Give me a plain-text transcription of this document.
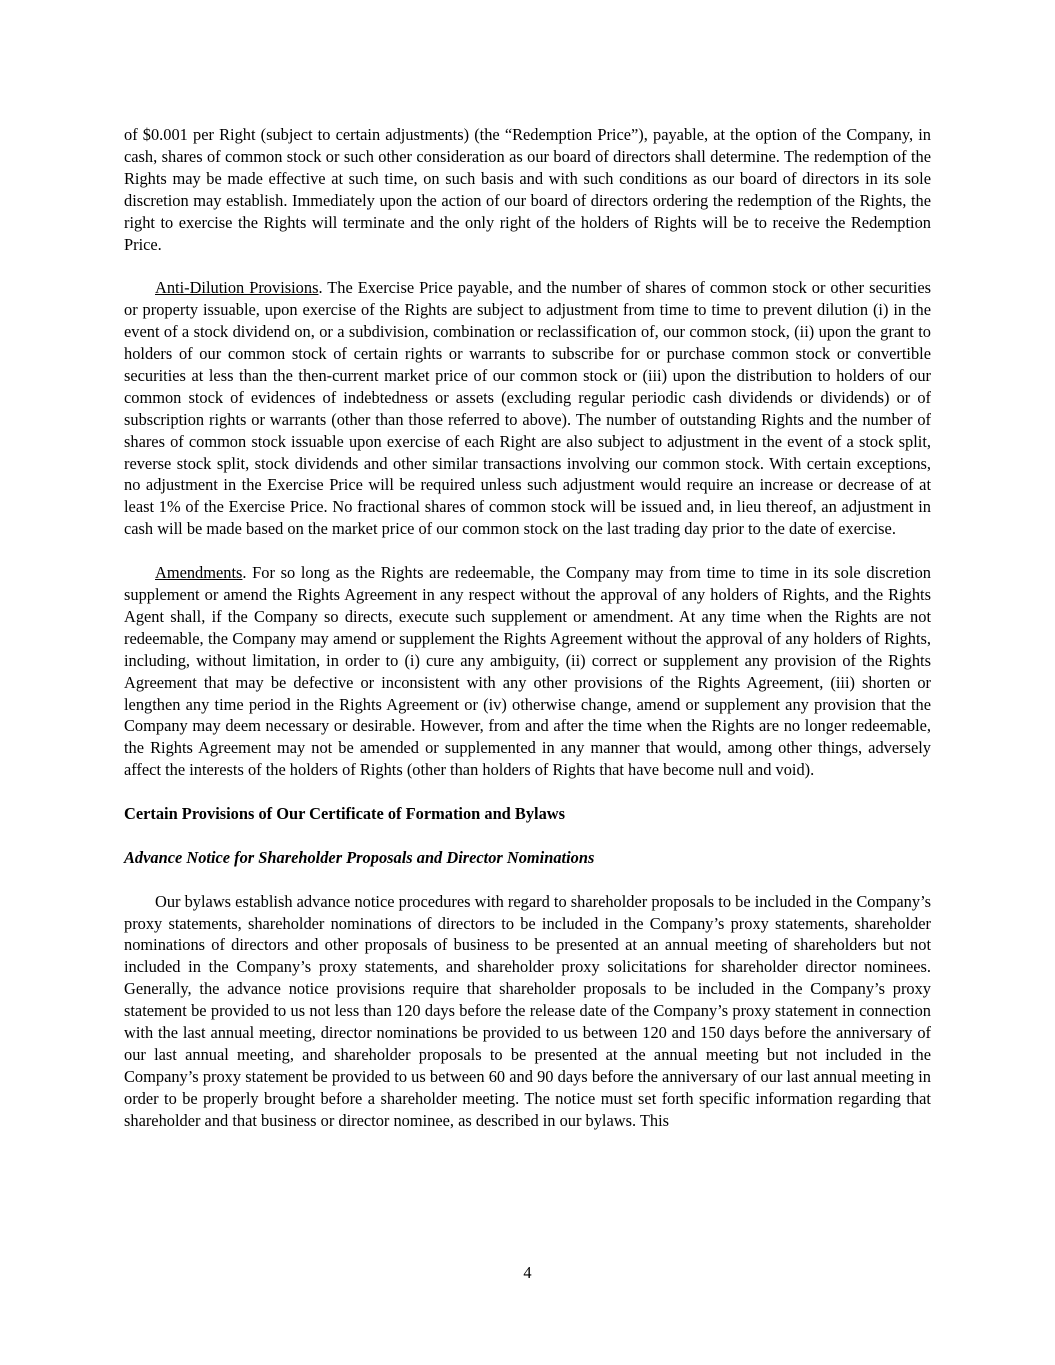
of $0.001 per Right (subject to certain adjustments) (the “Redemption Price”), payable, at the option of the Company, in cash, shares of common stock or such other consideration as our board of directors shall determine. The redemption of the Rights may be made effective at such time, on such basis and with such conditions as our board of directors in its sole discretion may establish. Immediately upon the action of our board of directors ordering the redemption of the Rights, the right to exercise the Rights will terminate and the only right of the holders of Rights will be to receive the Redemption Price.

Anti-Dilution Provisions. The Exercise Price payable, and the number of shares of common stock or other securities or property issuable, upon exercise of the Rights are subject to adjustment from time to time to prevent dilution (i) in the event of a stock dividend on, or a subdivision, combination or reclassification of, our common stock, (ii) upon the grant to holders of our common stock of certain rights or warrants to subscribe for or purchase common stock or convertible securities at less than the then-current market price of our common stock or (iii) upon the distribution to holders of our common stock of evidences of indebtedness or assets (excluding regular periodic cash dividends or dividends) or of subscription rights or warrants (other than those referred to above). The number of outstanding Rights and the number of shares of common stock issuable upon exercise of each Right are also subject to adjustment in the event of a stock split, reverse stock split, stock dividends and other similar transactions involving our common stock. With certain exceptions, no adjustment in the Exercise Price will be required unless such adjustment would require an increase or decrease of at least 1% of the Exercise Price. No fractional shares of common stock will be issued and, in lieu thereof, an adjustment in cash will be made based on the market price of our common stock on the last trading day prior to the date of exercise.

Amendments. For so long as the Rights are redeemable, the Company may from time to time in its sole discretion supplement or amend the Rights Agreement in any respect without the approval of any holders of Rights, and the Rights Agent shall, if the Company so directs, execute such supplement or amendment. At any time when the Rights are not redeemable, the Company may amend or supplement the Rights Agreement without the approval of any holders of Rights, including, without limitation, in order to (i) cure any ambiguity, (ii) correct or supplement any provision of the Rights Agreement that may be defective or inconsistent with any other provisions of the Rights Agreement, (iii) shorten or lengthen any time period in the Rights Agreement or (iv) otherwise change, amend or supplement any provision that the Company may deem necessary or desirable. However, from and after the time when the Rights are no longer redeemable, the Rights Agreement may not be amended or supplemented in any manner that would, among other things, adversely affect the interests of the holders of Rights (other than holders of Rights that have become null and void).

Certain Provisions of Our Certificate of Formation and Bylaws

Advance Notice for Shareholder Proposals and Director Nominations

Our bylaws establish advance notice procedures with regard to shareholder proposals to be included in the Company’s proxy statements, shareholder nominations of directors to be included in the Company’s proxy statements, shareholder nominations of directors and other proposals of business to be presented at an annual meeting of shareholders but not included in the Company’s proxy statements, and shareholder proxy solicitations for shareholder director nominees. Generally, the advance notice provisions require that shareholder proposals to be included in the Company’s proxy statement be provided to us not less than 120 days before the release date of the Company’s proxy statement in connection with the last annual meeting, director nominations be provided to us between 120 and 150 days before the anniversary of our last annual meeting, and shareholder proposals to be presented at the annual meeting but not included in the Company’s proxy statement be provided to us between 60 and 90 days before the anniversary of our last annual meeting in order to be properly brought before a shareholder meeting. The notice must set forth specific information regarding that shareholder and that business or director nominee, as described in our bylaws. This

4
